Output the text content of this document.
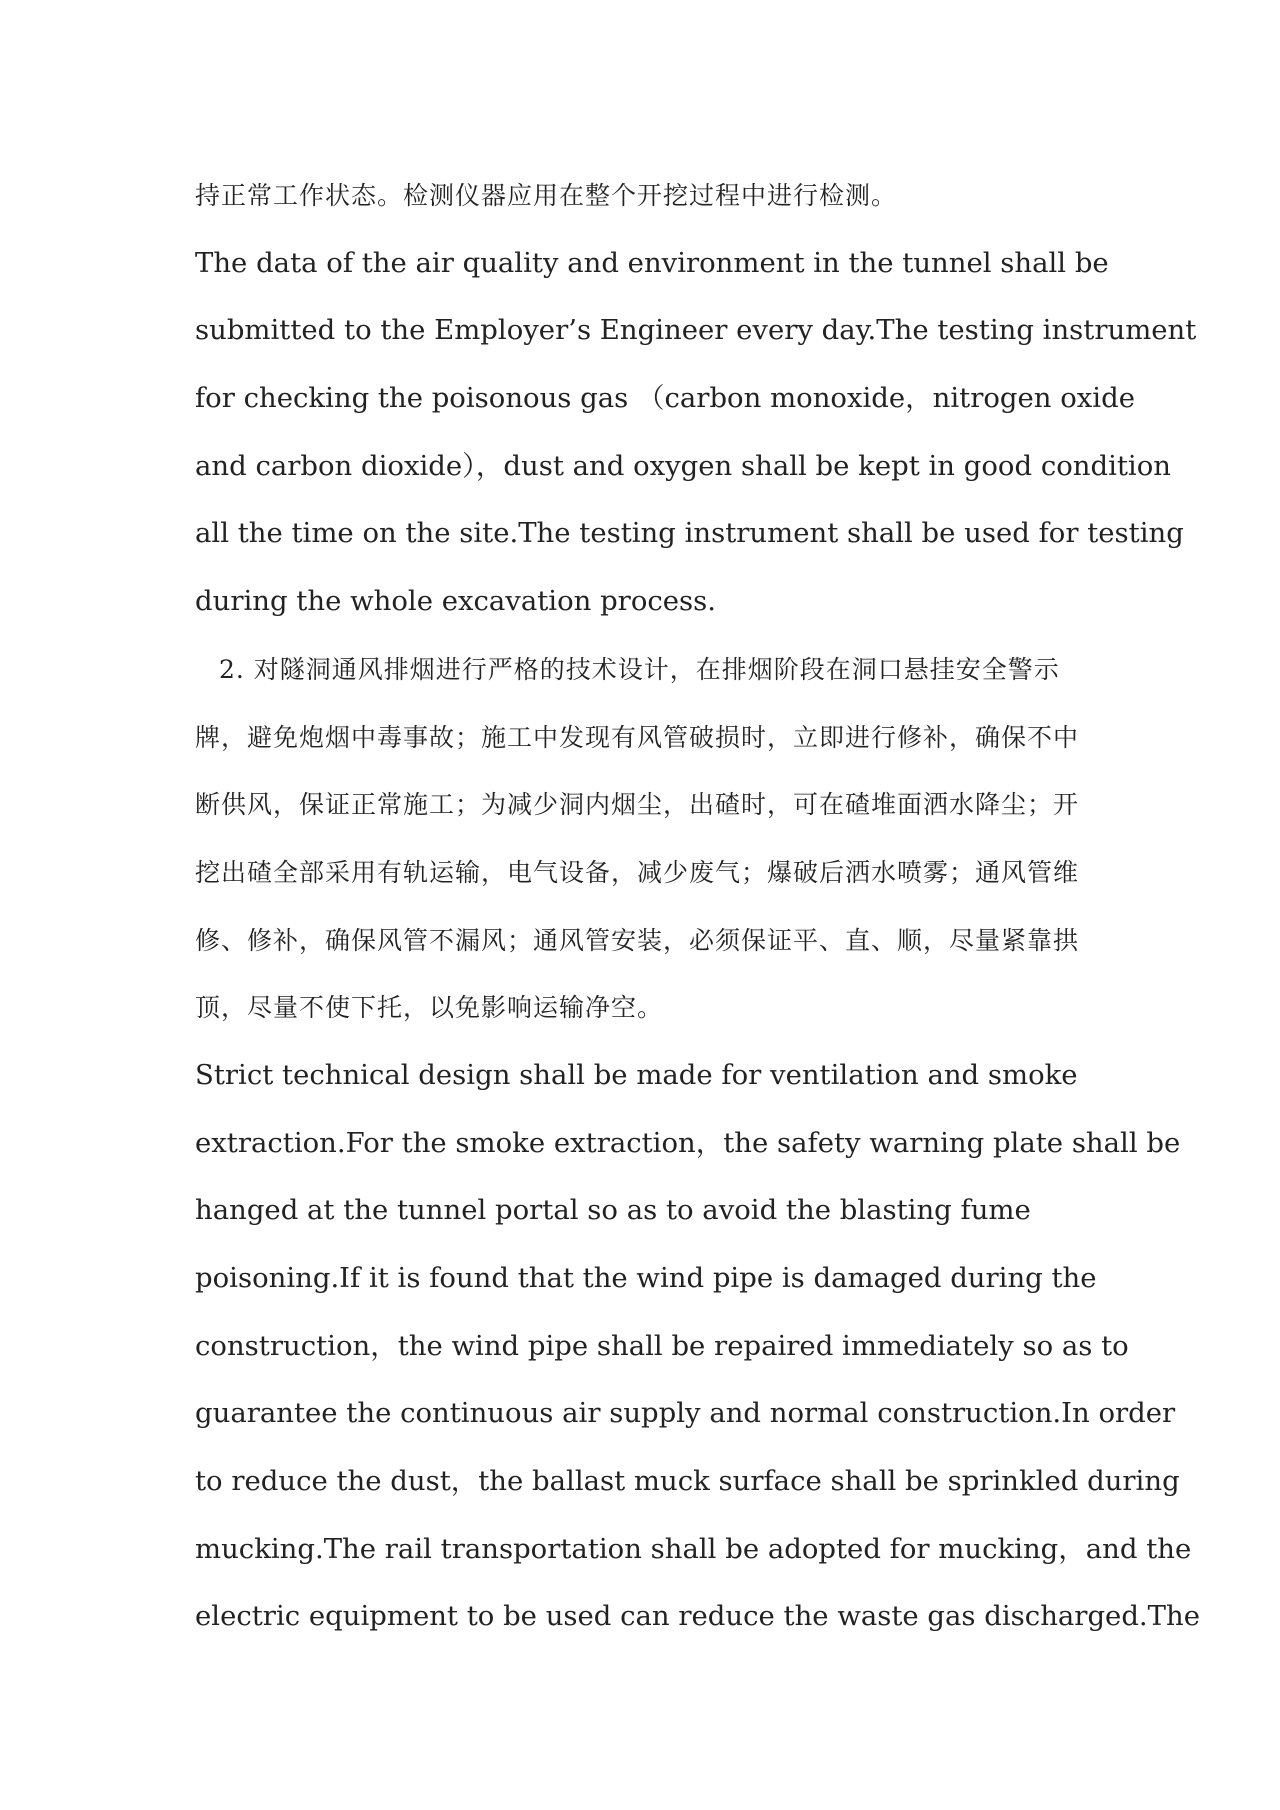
持正常工作状态。检测仪器应用在整个开挖过程中进行检测。

The data of the air quality and environment in the tunnel shall be

submitted to the Employer’s Engineer every day.The testing instrument

for checking the poisonous gas （carbon monoxide，nitrogen oxide

and carbon dioxide），dust and oxygen shall be kept in good condition

all the time on the site.The testing instrument shall be used for testing

during the whole excavation process.

2. 对隧洞通风排烟进行严格的技术设计，在排烟阶段在洞口悬挂安全警示

牌，避免炮烟中毒事故；施工中发现有风管破损时，立即进行修补，确保不中

断供风，保证正常施工；为减少洞内烟尘，出碴时，可在碴堆面洒水降尘；开

挖出碴全部采用有轨运输，电气设备，减少废气；爆破后洒水喷雾；通风管维

修、修补，确保风管不漏风；通风管安装，必须保证平、直、顺，尽量紧靠拱

顶，尽量不使下托，以免影响运输净空。

Strict technical design shall be made for ventilation and smoke

extraction.For the smoke extraction，the safety warning plate shall be

hanged at the tunnel portal so as to avoid the blasting fume

poisoning.If it is found that the wind pipe is damaged during the

construction，the wind pipe shall be repaired immediately so as to

guarantee the continuous air supply and normal construction.In order

to reduce the dust，the ballast muck surface shall be sprinkled during

mucking.The rail transportation shall be adopted for mucking，and the

electric equipment to be used can reduce the waste gas discharged.The
